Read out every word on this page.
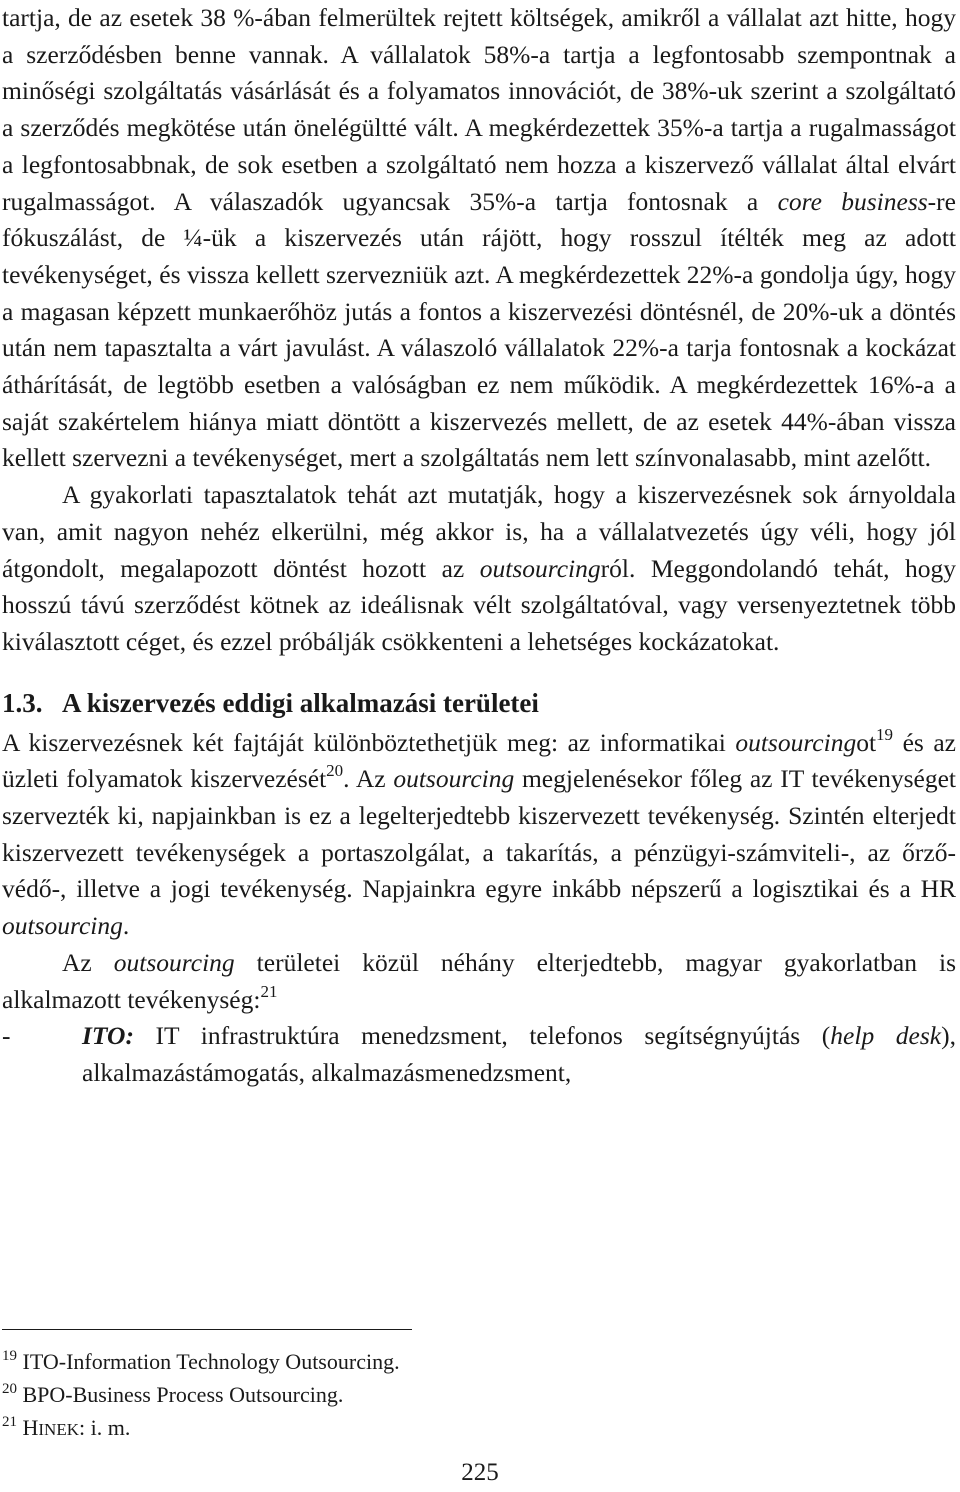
tartja, de az esetek 38 %-ában felmerültek rejtett költségek, amikről a vállalat azt hitte, hogy a szerződésben benne vannak. A vállalatok 58%-a tartja a legfontosabb szempontnak a minőségi szolgáltatás vásárlását és a folyamatos innovációt, de 38%-uk szerint a szolgáltató a szerződés megkötése után önelégültté vált. A megkérdezettek 35%-a tartja a rugalmasságot a legfontosabbnak, de sok esetben a szolgáltató nem hozza a kiszervező vállalat által elvárt rugalmasságot. A válaszadók ugyancsak 35%-a tartja fontosnak a core business-re fókuszálást, de ¼-ük a kiszervezés után rájött, hogy rosszul ítélték meg az adott tevékenységet, és vissza kellett szervezniük azt. A megkérdezettek 22%-a gondolja úgy, hogy a magasan képzett munkaerőhöz jutás a fontos a kiszervezési döntésnél, de 20%-uk a döntés után nem tapasztalta a várt javulást. A válaszoló vállalatok 22%-a tarja fontosnak a kockázat áthárítását, de legtöbb esetben a valóságban ez nem működik. A megkérdezettek 16%-a a saját szakértelem hiánya miatt döntött a kiszervezés mellett, de az esetek 44%-ában vissza kellett szervezni a tevékenységet, mert a szolgáltatás nem lett színvonalasabb, mint azelőtt.

A gyakorlati tapasztalatok tehát azt mutatják, hogy a kiszervezésnek sok árnyoldala van, amit nagyon nehéz elkerülni, még akkor is, ha a vállalatvezetés úgy véli, hogy jól átgondolt, megalapozott döntést hozott az outsourcingról. Meggondolandó tehát, hogy hosszú távú szerződést kötnek az ideálisnak vélt szolgáltatóval, vagy versenyeztetnek több kiválasztott céget, és ezzel próbálják csökkenteni a lehetséges kockázatokat.

1.3. A kiszervezés eddigi alkalmazási területei

A kiszervezésnek két fajtáját különböztethetjük meg: az informatikai outsourcingot$^{19}$ és az üzleti folyamatok kiszervezését$^{20}$. Az outsourcing megjelenésekor főleg az IT tevékenységet szervezték ki, napjainkban is ez a legelterjedtebb kiszervezett tevékenység. Szintén elterjedt kiszervezett tevékenységek a portaszolgálat, a takarítás, a pénzügyi-számviteli-, az őrző-védő-, illetve a jogi tevékenység. Napjainkra egyre inkább népszerű a logisztikai és a HR outsourcing.

Az outsourcing területei közül néhány elterjedtebb, magyar gyakorlatban is alkalmazott tevékenység:$^{21}$

-	ITO: IT infrastruktúra menedzsment, telefonos segítségnyújtás (help desk), alkalmazástámogatás, alkalmazásmenedzsment,

$^{19}$ ITO-Information Technology Outsourcing.

$^{20}$ BPO-Business Process Outsourcing.

$^{21}$ HINEK: i. m.

225
